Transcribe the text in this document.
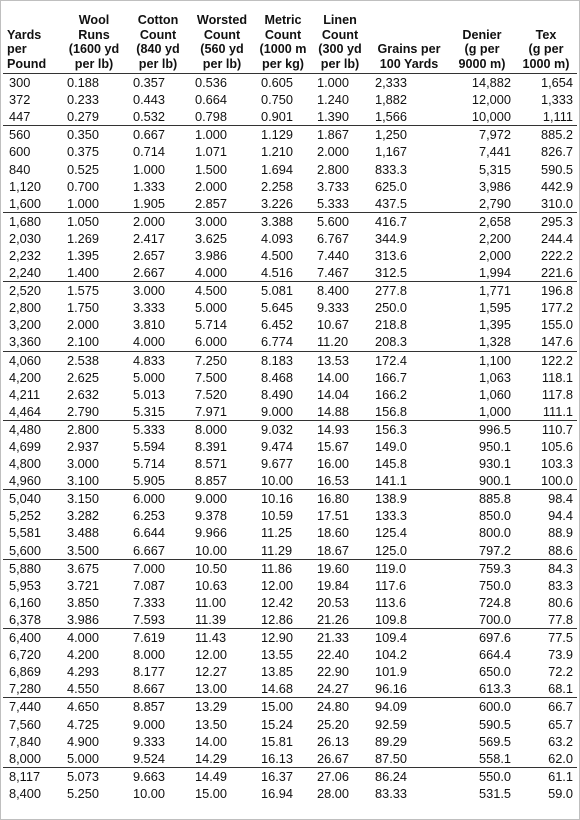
Yards
per
Pound	Wool
Runs
(1600 yd
per lb)	Cotton
Count
(840 yd
per lb)	Worsted
Count
(560 yd
per lb)	Metric
Count
(1000 m
per kg)	Linen
Count
(300 yd
per lb)	Grains per
100 Yards	Denier
(g per
9000 m)	Tex
(g per
1000 m)
300	0.188	0.357	0.536	0.605	1.000	2,333	14,882	1,654
372	0.233	0.443	0.664	0.750	1.240	1,882	12,000	1,333
447	0.279	0.532	0.798	0.901	1.390	1,566	10,000	1,111
560	0.350	0.667	1.000	1.129	1.867	1,250	7,972	885.2
600	0.375	0.714	1.071	1.210	2.000	1,167	7,441	826.7
840	0.525	1.000	1.500	1.694	2.800	833.3	5,315	590.5
1,120	0.700	1.333	2.000	2.258	3.733	625.0	3,986	442.9
1,600	1.000	1.905	2.857	3.226	5.333	437.5	2,790	310.0
1,680	1.050	2.000	3.000	3.388	5.600	416.7	2,658	295.3
2,030	1.269	2.417	3.625	4.093	6.767	344.9	2,200	244.4
2,232	1.395	2.657	3.986	4.500	7.440	313.6	2,000	222.2
2,240	1.400	2.667	4.000	4.516	7.467	312.5	1,994	221.6
2,520	1.575	3.000	4.500	5.081	8.400	277.8	1,771	196.8
2,800	1.750	3.333	5.000	5.645	9.333	250.0	1,595	177.2
3,200	2.000	3.810	5.714	6.452	10.67	218.8	1,395	155.0
3,360	2.100	4.000	6.000	6.774	11.20	208.3	1,328	147.6
4,060	2.538	4.833	7.250	8.183	13.53	172.4	1,100	122.2
4,200	2.625	5.000	7.500	8.468	14.00	166.7	1,063	118.1
4,211	2.632	5.013	7.520	8.490	14.04	166.2	1,060	117.8
4,464	2.790	5.315	7.971	9.000	14.88	156.8	1,000	111.1
4,480	2.800	5.333	8.000	9.032	14.93	156.3	996.5	110.7
4,699	2.937	5.594	8.391	9.474	15.67	149.0	950.1	105.6
4,800	3.000	5.714	8.571	9.677	16.00	145.8	930.1	103.3
4,960	3.100	5.905	8.857	10.00	16.53	141.1	900.1	100.0
5,040	3.150	6.000	9.000	10.16	16.80	138.9	885.8	98.4
5,252	3.282	6.253	9.378	10.59	17.51	133.3	850.0	94.4
5,581	3.488	6.644	9.966	11.25	18.60	125.4	800.0	88.9
5,600	3.500	6.667	10.00	11.29	18.67	125.0	797.2	88.6
5,880	3.675	7.000	10.50	11.86	19.60	119.0	759.3	84.3
5,953	3.721	7.087	10.63	12.00	19.84	117.6	750.0	83.3
6,160	3.850	7.333	11.00	12.42	20.53	113.6	724.8	80.6
6,378	3.986	7.593	11.39	12.86	21.26	109.8	700.0	77.8
6,400	4.000	7.619	11.43	12.90	21.33	109.4	697.6	77.5
6,720	4.200	8.000	12.00	13.55	22.40	104.2	664.4	73.9
6,869	4.293	8.177	12.27	13.85	22.90	101.9	650.0	72.2
7,280	4.550	8.667	13.00	14.68	24.27	96.16	613.3	68.1
7,440	4.650	8.857	13.29	15.00	24.80	94.09	600.0	66.7
7,560	4.725	9.000	13.50	15.24	25.20	92.59	590.5	65.7
7,840	4.900	9.333	14.00	15.81	26.13	89.29	569.5	63.2
8,000	5.000	9.524	14.29	16.13	26.67	87.50	558.1	62.0
8,117	5.073	9.663	14.49	16.37	27.06	86.24	550.0	61.1
8,400	5.250	10.00	15.00	16.94	28.00	83.33	531.5	59.0
